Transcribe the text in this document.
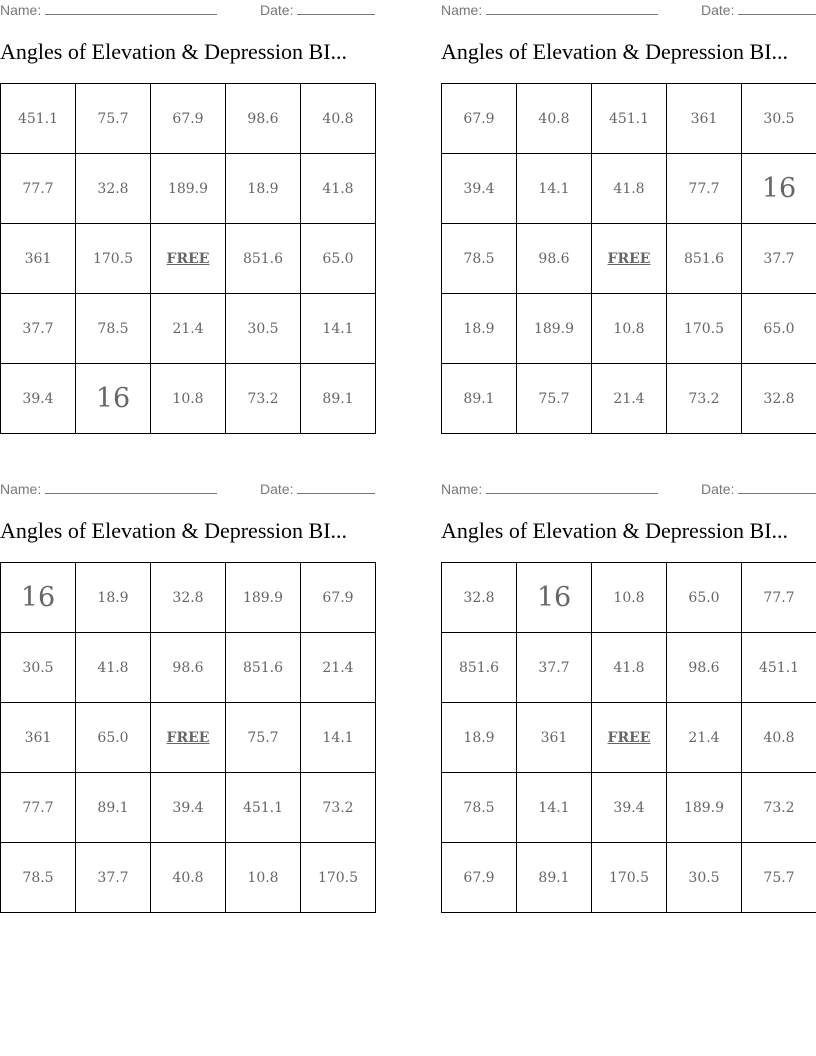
Name:	Date:
Angles of Elevation & Depression BI...
451.1	75.7	67.9	98.6	40.8
77.7	32.8	189.9	18.9	41.8
361	170.5	FREE	851.6	65.0
37.7	78.5	21.4	30.5	14.1
39.4	16	10.8	73.2	89.1
Name:	Date:
Angles of Elevation & Depression BI...
67.9	40.8	451.1	361	30.5
39.4	14.1	41.8	77.7	16
78.5	98.6	FREE	851.6	37.7
18.9	189.9	10.8	170.5	65.0
89.1	75.7	21.4	73.2	32.8
Name:	Date:
Angles of Elevation & Depression BI...
16	18.9	32.8	189.9	67.9
30.5	41.8	98.6	851.6	21.4
361	65.0	FREE	75.7	14.1
77.7	89.1	39.4	451.1	73.2
78.5	37.7	40.8	10.8	170.5
Name:	Date:
Angles of Elevation & Depression BI...
32.8	16	10.8	65.0	77.7
851.6	37.7	41.8	98.6	451.1
18.9	361	FREE	21.4	40.8
78.5	14.1	39.4	189.9	73.2
67.9	89.1	170.5	30.5	75.7
